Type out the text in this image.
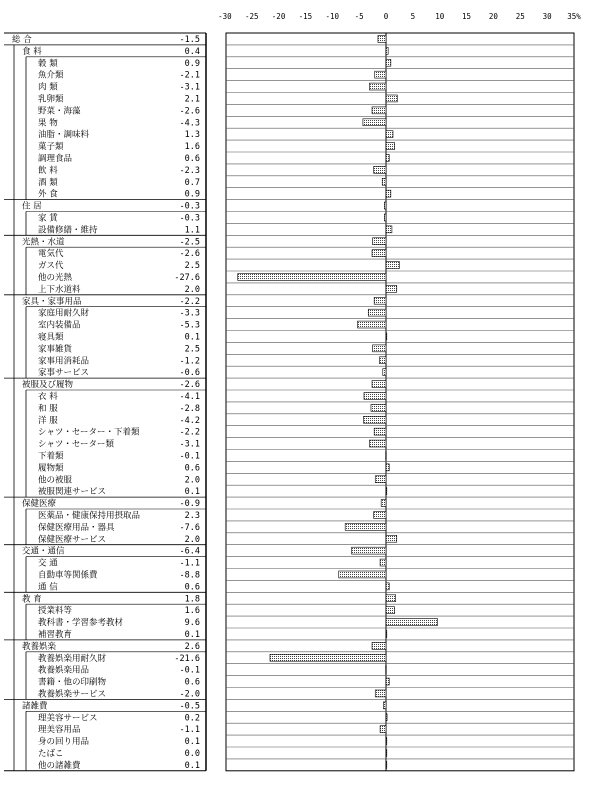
-30 -25 -20 -15 -10 -5	0	5	10 15 20 25 30 35%
総 合	-1.5
食 料	0.4
穀 類	0.9
魚介類	-2.1
肉 類	-3.1
乳卵類	2.1
野菜・海藻	-2.6
果 物	-4.3
油脂・調味料	1.3
菓子類	1.6
調理食品	0.6
飲 料	-2.3
酒 類	0.7
外 食	0.9
住 居	-0.3
家 賃	-0.3
設備修繕・維持	1.1
光熱・水道	-2.5
電気代	-2.6
ガス代	2.5
他の光熱	-27.6
上下水道料	2.0
家具・家事用品	-2.2
家庭用耐久財	-3.3
室内装備品	-5.3
寝具類	0.1
家事雑貨	2.5
家事用消耗品	-1.2
家事サービス	-0.6
被服及び履物	-2.6
衣 料	-4.1
和 服	-2.8
洋 服	-4.2
シャツ・セーター・下着類	-2.2
シャツ・セーター類	-3.1
下着類	-0.1
履物類	0.6
他の被服	2.0
被服関連サービス	0.1
保健医療	-0.9
医薬品・健康保持用摂取品	2.3
保健医療用品・器具	-7.6
保健医療サービス	2.0
交通・通信	-6.4
交 通	-1.1
自動車等関係費	-8.8
通 信	0.6
教 育	1.8
授業料等	1.6
教科書・学習参考教材	9.6
補習教育	0.1
教養娯楽	2.6
教養娯楽用耐久財	-21.6
教養娯楽用品	-0.1
書籍・他の印刷物	0.6
教養娯楽サービス	-2.0
諸雑費	-0.5
理美容サービス	0.2
理美容用品	-1.1
身の回り用品	0.1
たばこ	0.0
他の諸雑費	0.1
